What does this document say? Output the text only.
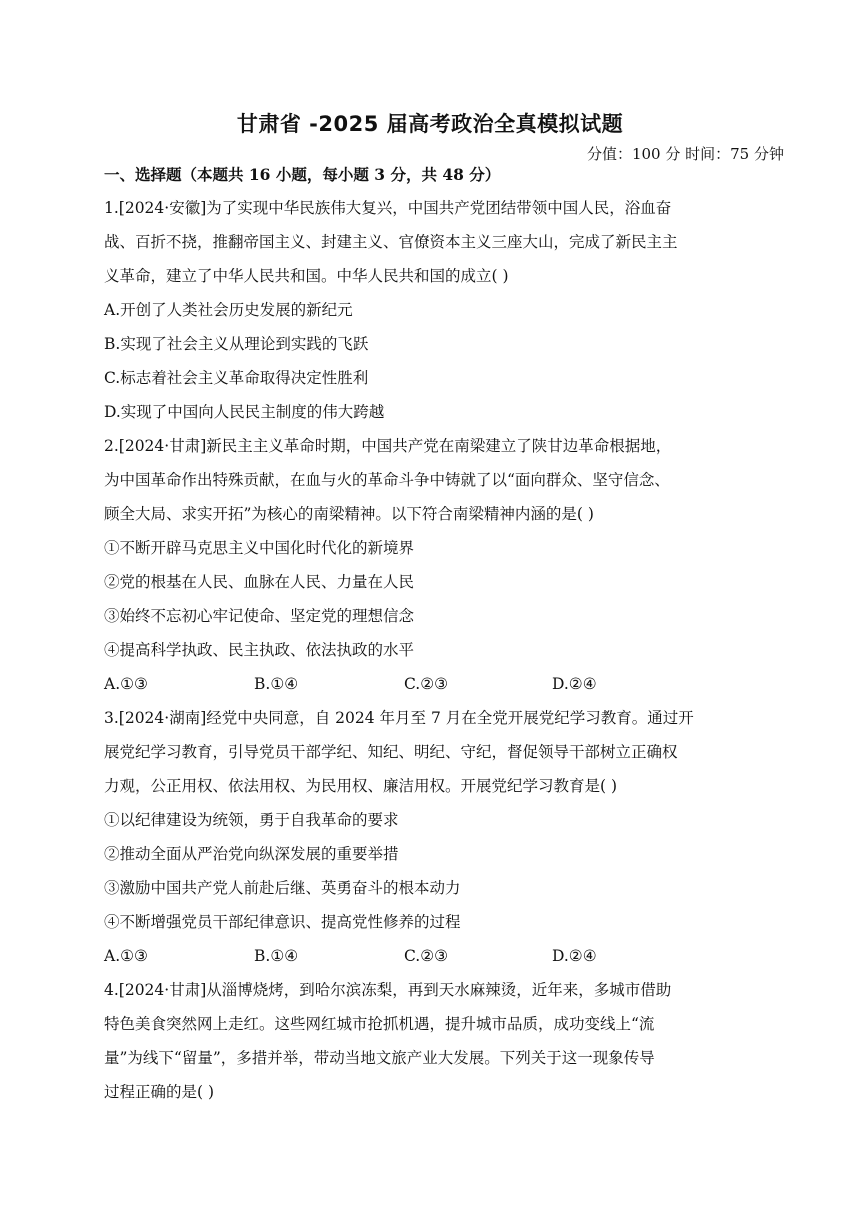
甘肃省 -2025 届高考政治全真模拟试题
分值：100 分 时间：75 分钟
一、选择题（本题共 16 小题，每小题 3 分，共 48 分）
1.[2024·安徽]为了实现中华民族伟大复兴，中国共产党团结带领中国人民，浴血奋
战、百折不挠，推翻帝国主义、封建主义、官僚资本主义三座大山，完成了新民主主
义革命，建立了中华人民共和国。中华人民共和国的成立( )
A.开创了人类社会历史发展的新纪元
B.实现了社会主义从理论到实践的飞跃
C.标志着社会主义革命取得决定性胜利
D.实现了中国向人民民主制度的伟大跨越
2.[2024·甘肃]新民主主义革命时期，中国共产党在南梁建立了陕甘边革命根据地，
为中国革命作出特殊贡献，在血与火的革命斗争中铸就了以“面向群众、坚守信念、
顾全大局、求实开拓”为核心的南梁精神。以下符合南梁精神内涵的是( )
①不断开辟马克思主义中国化时代化的新境界
②党的根基在人民、血脉在人民、力量在人民
③始终不忘初心牢记使命、坚定党的理想信念
④提高科学执政、民主执政、依法执政的水平
A.①③	B.①④	C.②③	D.②④
3.[2024·湖南]经党中央同意，自 2024 年月至 7 月在全党开展党纪学习教育。通过开
展党纪学习教育，引导党员干部学纪、知纪、明纪、守纪，督促领导干部树立正确权
力观，公正用权、依法用权、为民用权、廉洁用权。开展党纪学习教育是( )
①以纪律建设为统领，勇于自我革命的要求
②推动全面从严治党向纵深发展的重要举措
③激励中国共产党人前赴后继、英勇奋斗的根本动力
④不断增强党员干部纪律意识、提高党性修养的过程
A.①③	B.①④	C.②③	D.②④
4.[2024·甘肃]从淄博烧烤，到哈尔滨冻梨，再到天水麻辣烫，近年来，多城市借助
特色美食突然网上走红。这些网红城市抢抓机遇，提升城市品质，成功变线上“流
量”为线下“留量”，多措并举，带动当地文旅产业大发展。下列关于这一现象传导
过程正确的是( )
